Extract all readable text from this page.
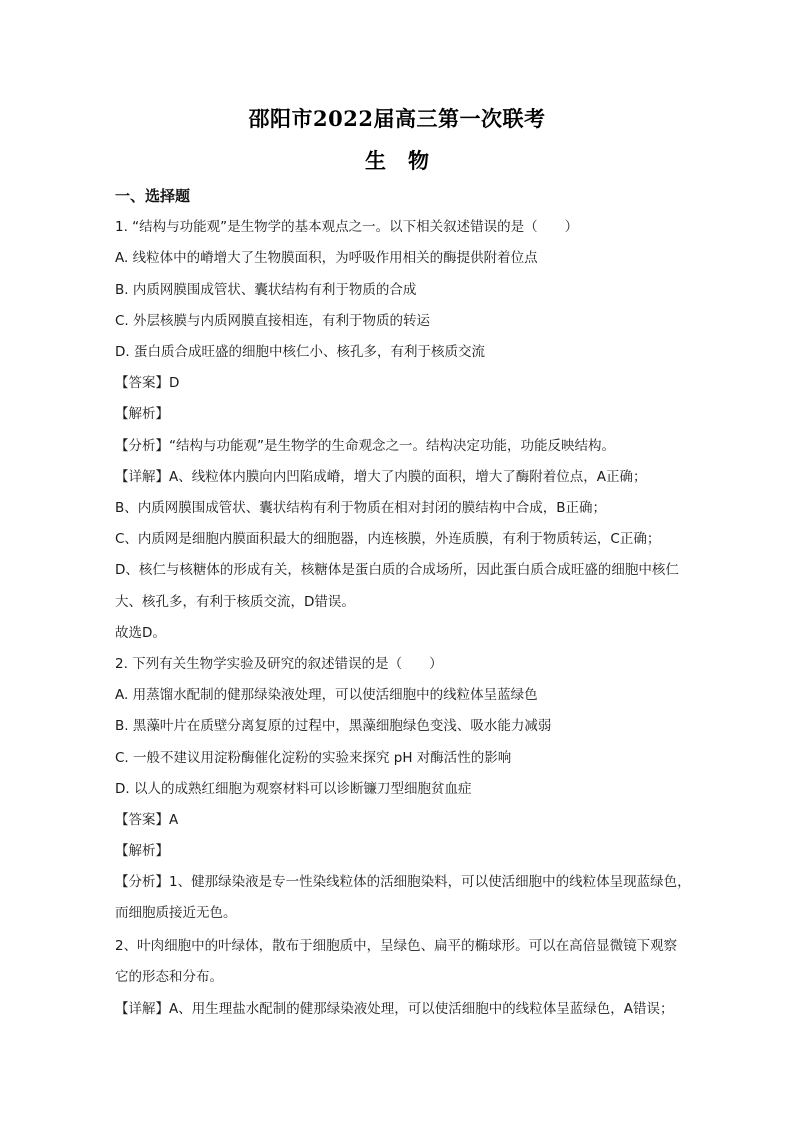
邵阳市2022届高三第一次联考
生 物
一、选择题
1. “结构与功能观”是生物学的基本观点之一。以下相关叙述错误的是（　　）
A. 线粒体中的嵴增大了生物膜面积，为呼吸作用相关的酶提供附着位点
B. 内质网膜围成管状、囊状结构有利于物质的合成
C. 外层核膜与内质网膜直接相连，有利于物质的转运
D. 蛋白质合成旺盛的细胞中核仁小、核孔多，有利于核质交流
【答案】D
【解析】
【分析】“结构与功能观”是生物学的生命观念之一。结构决定功能，功能反映结构。
【详解】A、线粒体内膜向内凹陷成嵴，增大了内膜的面积，增大了酶附着位点，A正确；
B、内质网膜围成管状、囊状结构有利于物质在相对封闭的膜结构中合成，B正确；
C、内质网是细胞内膜面积最大的细胞器，内连核膜，外连质膜，有利于物质转运，C正确；
D、核仁与核糖体的形成有关，核糖体是蛋白质的合成场所，因此蛋白质合成旺盛的细胞中核仁
大、核孔多，有利于核质交流，D错误。
故选D。
2. 下列有关生物学实验及研究的叙述错误的是（　　）
A. 用蒸馏水配制的健那绿染液处理，可以使活细胞中的线粒体呈蓝绿色
B. 黑藻叶片在质壁分离复原的过程中，黑藻细胞绿色变浅、吸水能力减弱
C. 一般不建议用淀粉酶催化淀粉的实验来探究 pH 对酶活性的影响
D. 以人的成熟红细胞为观察材料可以诊断镰刀型细胞贫血症
【答案】A
【解析】
【分析】1、健那绿染液是专一性染线粒体的活细胞染料，可以使活细胞中的线粒体呈现蓝绿色，
而细胞质接近无色。
2、叶肉细胞中的叶绿体，散布于细胞质中，呈绿色、扁平的椭球形。可以在高倍显微镜下观察
它的形态和分布。
【详解】A、用生理盐水配制的健那绿染液处理，可以使活细胞中的线粒体呈蓝绿色，A错误；
